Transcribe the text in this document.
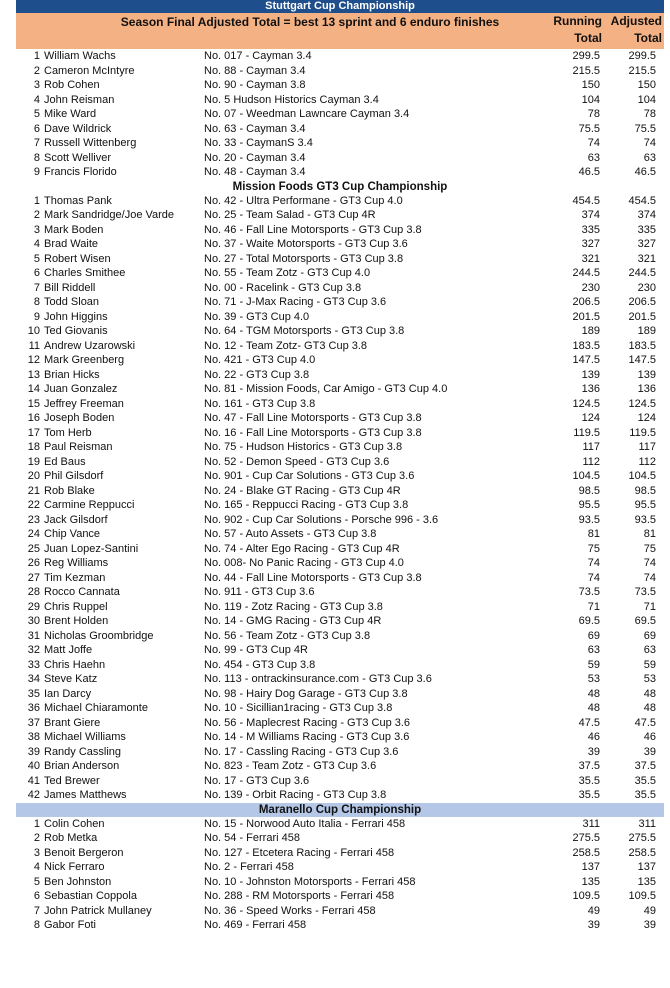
Stuttgart Cup Championship
Season Final Adjusted Total = best 13 sprint and 6 enduro finishes	Running
Total
Adjusted
Total
1 William Wachs	No. 017 - Cayman 3.4	299.5	299.5
2 Cameron McIntyre	No. 88 - Cayman 3.4	215.5	215.5
3 Rob Cohen	No. 90 - Cayman 3.8	150	150
4 John Reisman	No. 5 Hudson Historics Cayman 3.4	104	104
5 Mike Ward	No. 07 - Weedman Lawncare Cayman 3.4	78	78
6 Dave Wildrick	No. 63 - Cayman 3.4	75.5	75.5
7 Russell Wittenberg	No. 33 - CaymanS 3.4	74	74
8 Scott Welliver	No. 20 - Cayman 3.4	63	63
9 Francis Florido	No. 48 - Cayman 3.4	46.5	46.5
Mission Foods GT3 Cup Championship
1 Thomas Pank	No. 42 - Ultra Performane - GT3 Cup 4.0	454.5	454.5
2 Mark Sandridge/Joe Varde	No. 25 - Team Salad - GT3 Cup 4R	374	374
3 Mark Boden	No. 46 - Fall Line Motorsports - GT3 Cup 3.8	335	335
4 Brad Waite	No. 37 - Waite Motorsports - GT3 Cup 3.6	327	327
5 Robert Wisen	No. 27 - Total Motorsports - GT3 Cup 3.8	321	321
6 Charles Smithee	No. 55 - Team Zotz - GT3 Cup 4.0	244.5	244.5
7 Bill Riddell	No. 00 - Racelink - GT3 Cup 3.8	230	230
8 Todd Sloan	No. 71 - J-Max Racing - GT3 Cup 3.6	206.5	206.5
9 John Higgins	No. 39 - GT3 Cup 4.0	201.5	201.5
10 Ted Giovanis	No. 64 - TGM Motorsports - GT3 Cup 3.8	189	189
11 Andrew Uzarowski	No. 12 - Team Zotz- GT3 Cup 3.8	183.5	183.5
12 Mark Greenberg	No. 421 - GT3 Cup 4.0	147.5	147.5
13 Brian Hicks	No. 22 - GT3 Cup 3.8	139	139
14 Juan Gonzalez	No. 81 - Mission Foods, Car Amigo - GT3 Cup 4.0	136	136
15 Jeffrey Freeman	No. 161 - GT3 Cup 3.8	124.5	124.5
16 Joseph Boden	No. 47 - Fall Line Motorsports - GT3 Cup 3.8	124	124
17 Tom Herb	No. 16 - Fall Line Motorsports - GT3 Cup 3.8	119.5	119.5
18 Paul Reisman	No. 75 - Hudson Historics - GT3 Cup 3.8	117	117
19 Ed Baus	No. 52 - Demon Speed - GT3 Cup 3.6	112	112
20 Phil Gilsdorf	No. 901 - Cup Car Solutions - GT3 Cup 3.6	104.5	104.5
21 Rob Blake	No. 24 - Blake GT Racing - GT3 Cup 4R	98.5	98.5
22 Carmine Reppucci	No. 165 - Reppucci Racing - GT3 Cup 3.8	95.5	95.5
23 Jack Gilsdorf	No. 902 - Cup Car Solutions - Porsche 996 - 3.6	93.5	93.5
24 Chip Vance	No. 57 - Auto Assets - GT3 Cup 3.8	81	81
25 Juan Lopez-Santini	No. 74 - Alter Ego Racing - GT3 Cup 4R	75	75
26 Reg Williams	No. 008- No Panic Racing - GT3 Cup 4.0	74	74
27 Tim Kezman	No. 44 - Fall Line Motorsports - GT3 Cup 3.8	74	74
28 Rocco Cannata	No. 911 - GT3 Cup 3.6	73.5	73.5
29 Chris Ruppel	No. 119 - Zotz Racing - GT3 Cup 3.8	71	71
30 Brent Holden	No. 14 - GMG Racing - GT3 Cup 4R	69.5	69.5
31 Nicholas Groombridge	No. 56 - Team Zotz - GT3 Cup 3.8	69	69
32 Matt Joffe	No. 99 - GT3 Cup 4R	63	63
33 Chris Haehn	No. 454 - GT3 Cup 3.8	59	59
34 Steve Katz	No. 113 - ontrackinsurance.com - GT3 Cup 3.6	53	53
35 Ian Darcy	No. 98 - Hairy Dog Garage - GT3 Cup 3.8	48	48
36 Michael Chiaramonte	No. 10 - Sicillian1racing - GT3 Cup 3.8	48	48
37 Brant Giere	No. 56 - Maplecrest Racing - GT3 Cup 3.6	47.5	47.5
38 Michael Williams	No. 14 - M Williams Racing - GT3 Cup 3.6	46	46
39 Randy Cassling	No. 17 - Cassling Racing - GT3 Cup 3.6	39	39
40 Brian Anderson	No. 823 - Team Zotz - GT3 Cup 3.6	37.5	37.5
41 Ted Brewer	No. 17 - GT3 Cup 3.6	35.5	35.5
42 James Matthews	No. 139 - Orbit Racing - GT3 Cup 3.8	35.5	35.5
Maranello Cup Championship
1 Colin Cohen	No. 15 - Norwood Auto Italia - Ferrari 458	311	311
2 Rob Metka	No. 54 - Ferrari 458	275.5	275.5
3 Benoit Bergeron	No. 127 - Etcetera Racing - Ferrari 458	258.5	258.5
4 Nick Ferraro	No. 2 - Ferrari 458	137	137
5 Ben Johnston	No. 10 - Johnston Motorsports - Ferrari 458	135	135
6 Sebastian Coppola	No. 288 - RM Motorsports - Ferrari 458	109.5	109.5
7 John Patrick Mullaney	No. 36 - Speed Works - Ferrari 458	49	49
8 Gabor Foti	No. 469 - Ferrari 458	39	39
